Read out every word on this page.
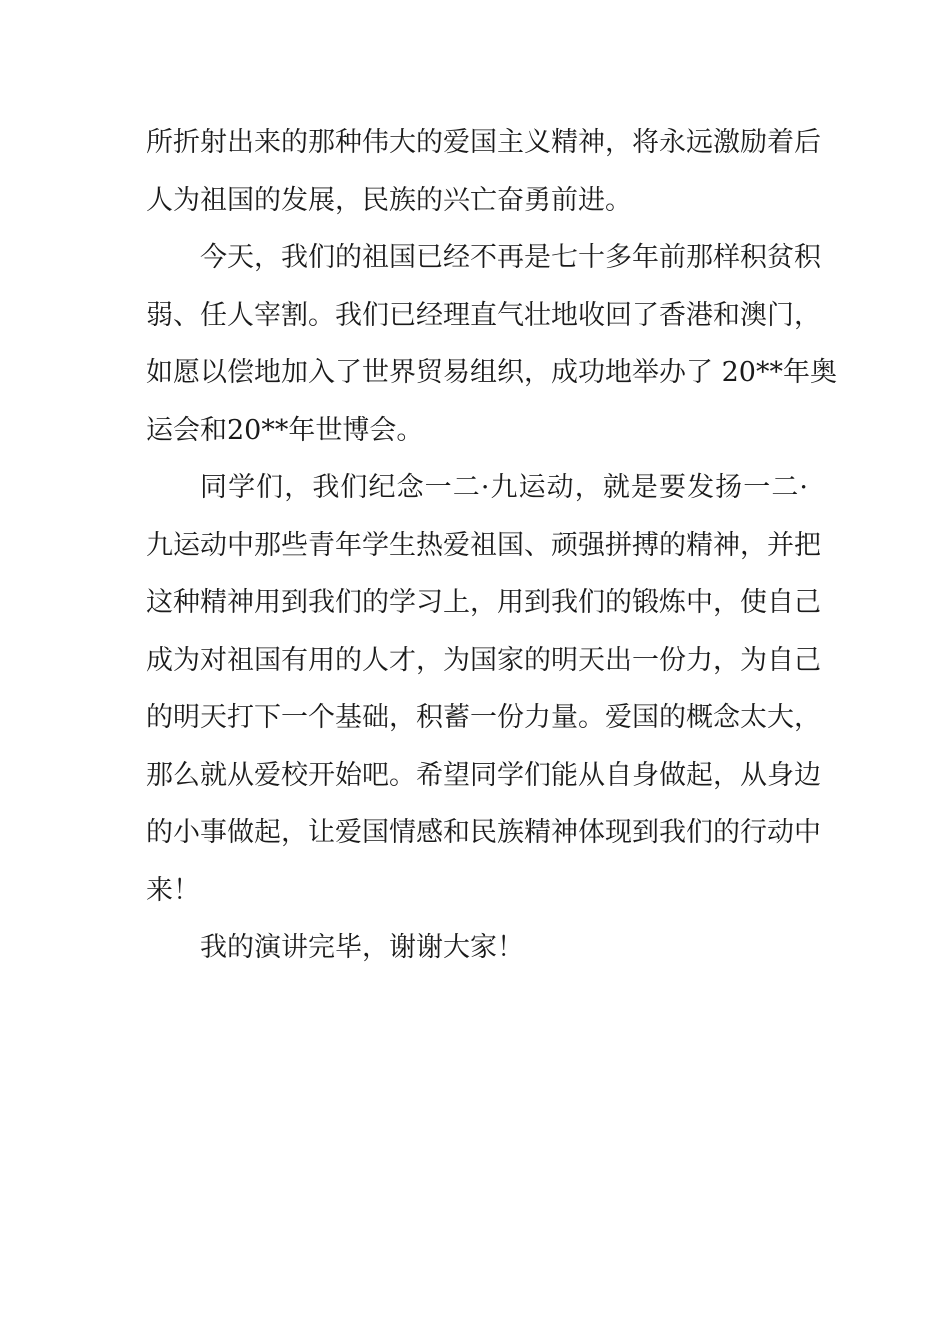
所折射出来的那种伟大的爱国主义精神，将永远激励着后
人为祖国的发展，民族的兴亡奋勇前进。
今天，我们的祖国已经不再是七十多年前那样积贫积
弱、任人宰割。我们已经理直气壮地收回了香港和澳门，
如愿以偿地加入了世界贸易组织，成功地举办了 20**年奥
运会和20**年世博会。
同学们，我们纪念一二·九运动，就是要发扬一二·
九运动中那些青年学生热爱祖国、顽强拼搏的精神，并把
这种精神用到我们的学习上，用到我们的锻炼中，使自己
成为对祖国有用的人才，为国家的明天出一份力，为自己
的明天打下一个基础，积蓄一份力量。爱国的概念太大，
那么就从爱校开始吧。希望同学们能从自身做起，从身边
的小事做起，让爱国情感和民族精神体现到我们的行动中
来！
我的演讲完毕，谢谢大家！
